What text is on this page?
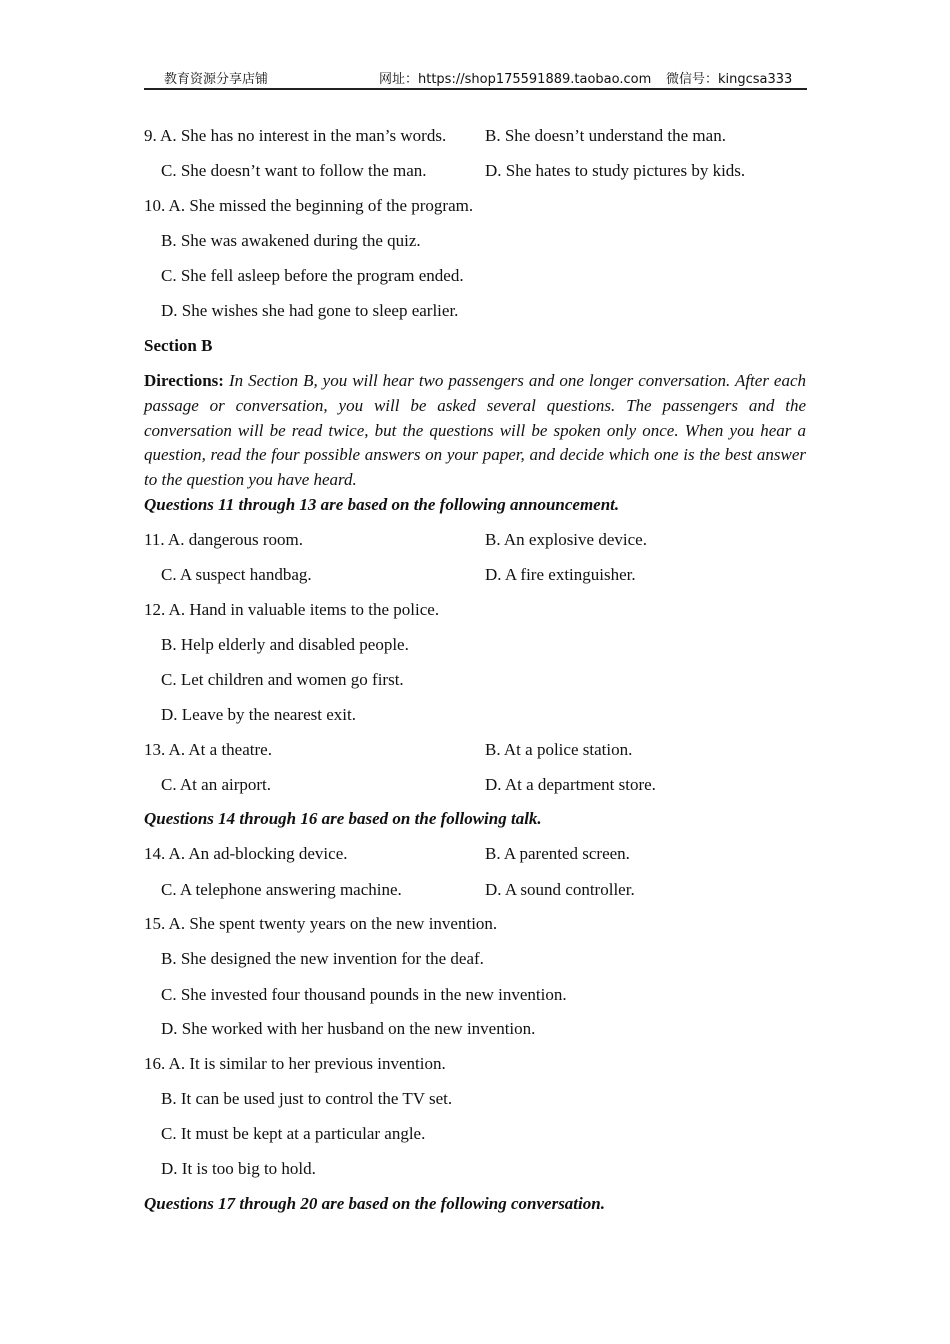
教育资源分享店铺	网址：https://shop175591889.taobao.com 微信号：kingcsa333
9. A. She has no interest in the man’s words. B. She doesn’t understand the man.
C. She doesn’t want to follow the man.	D. She hates to study pictures by kids.
10. A. She missed the beginning of the program.
B. She was awakened during the quiz.
C. She fell asleep before the program ended.
D. She wishes she had gone to sleep earlier.
Section B
Directions: In Section B, you will hear two passengers and one longer conversation. After each passage or conversation, you will be asked several questions. The passengers and the conversation will be read twice, but the questions will be spoken only once. When you hear a question, read the four possible answers on your paper, and decide which one is the best answer to the question you have heard.
Questions 11 through 13 are based on the following announcement.
11. A. dangerous room.	B. An explosive device.
C. A suspect handbag.	D. A fire extinguisher.
12. A. Hand in valuable items to the police.
B. Help elderly and disabled people.
C. Let children and women go first.
D. Leave by the nearest exit.
13. A. At a theatre.	B. At a police station.
C. At an airport.	D. At a department store.
Questions 14 through 16 are based on the following talk.
14. A. An ad-blocking device.	B. A parented screen.
C. A telephone answering machine.	D. A sound controller.
15. A. She spent twenty years on the new invention.
B. She designed the new invention for the deaf.
C. She invested four thousand pounds in the new invention.
D. She worked with her husband on the new invention.
16. A. It is similar to her previous invention.
B. It can be used just to control the TV set.
C. It must be kept at a particular angle.
D. It is too big to hold.
Questions 17 through 20 are based on the following conversation.
